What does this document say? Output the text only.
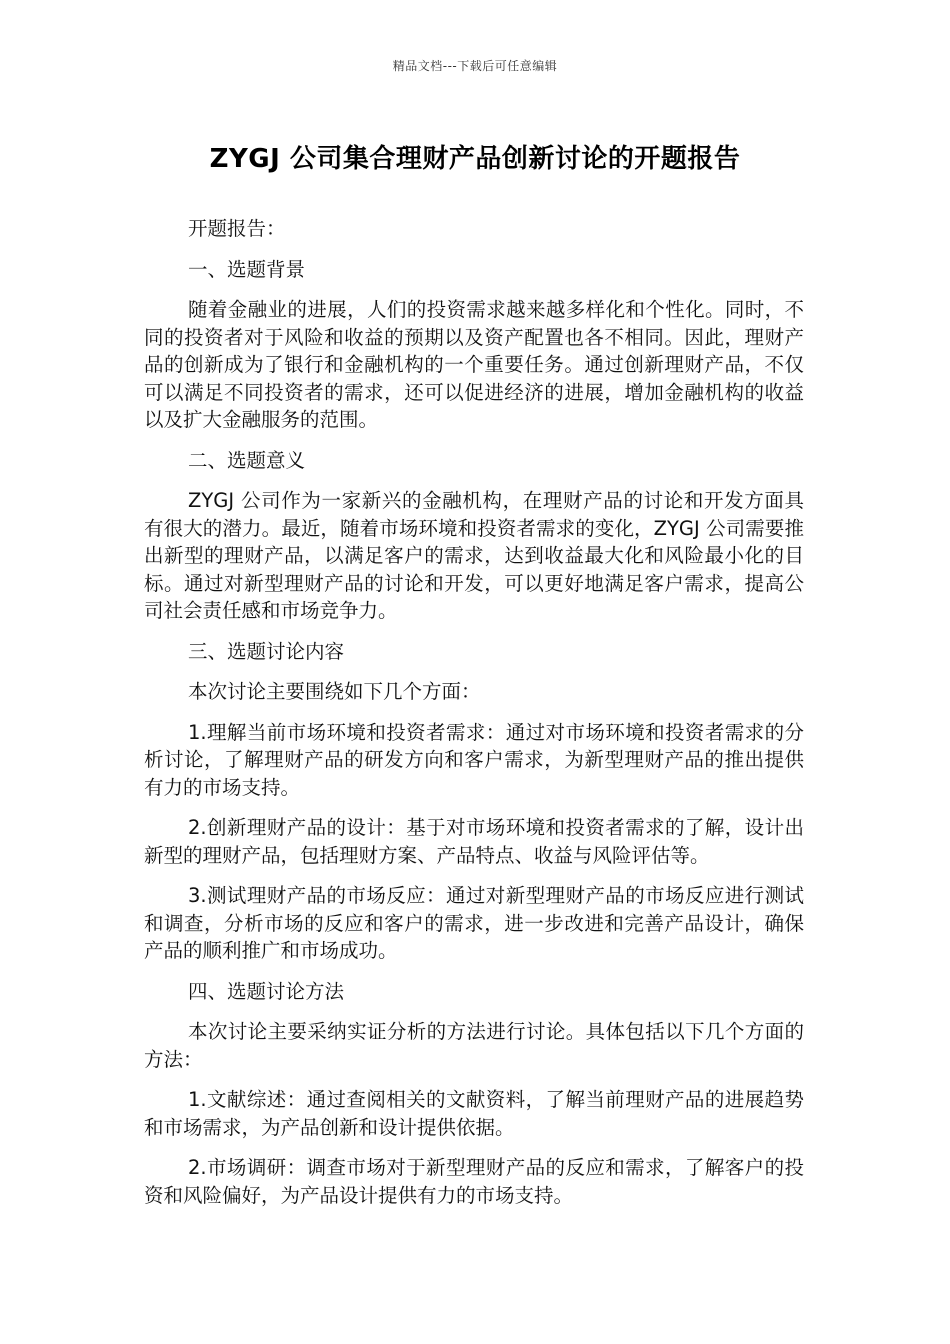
精品文档---下载后可任意编辑
ZYGJ 公司集合理财产品创新讨论的开题报告

开题报告：

一、选题背景

随着金融业的进展，人们的投资需求越来越多样化和个性化。同时，不同的投资者对于风险和收益的预期以及资产配置也各不相同。因此，理财产品的创新成为了银行和金融机构的一个重要任务。通过创新理财产品，不仅可以满足不同投资者的需求，还可以促进经济的进展，增加金融机构的收益以及扩大金融服务的范围。

二、选题意义

ZYGJ 公司作为一家新兴的金融机构，在理财产品的讨论和开发方面具有很大的潜力。最近，随着市场环境和投资者需求的变化，ZYGJ 公司需要推出新型的理财产品，以满足客户的需求，达到收益最大化和风险最小化的目标。通过对新型理财产品的讨论和开发，可以更好地满足客户需求，提高公司社会责任感和市场竞争力。

三、选题讨论内容

本次讨论主要围绕如下几个方面：

1.理解当前市场环境和投资者需求：通过对市场环境和投资者需求的分析讨论，了解理财产品的研发方向和客户需求，为新型理财产品的推出提供有力的市场支持。

2.创新理财产品的设计：基于对市场环境和投资者需求的了解，设计出新型的理财产品，包括理财方案、产品特点、收益与风险评估等。

3.测试理财产品的市场反应：通过对新型理财产品的市场反应进行测试和调查，分析市场的反应和客户的需求，进一步改进和完善产品设计，确保产品的顺利推广和市场成功。

四、选题讨论方法

本次讨论主要采纳实证分析的方法进行讨论。具体包括以下几个方面的方法：

1.文献综述：通过查阅相关的文献资料，了解当前理财产品的进展趋势和市场需求，为产品创新和设计提供依据。

2.市场调研：调查市场对于新型理财产品的反应和需求，了解客户的投资和风险偏好，为产品设计提供有力的市场支持。
